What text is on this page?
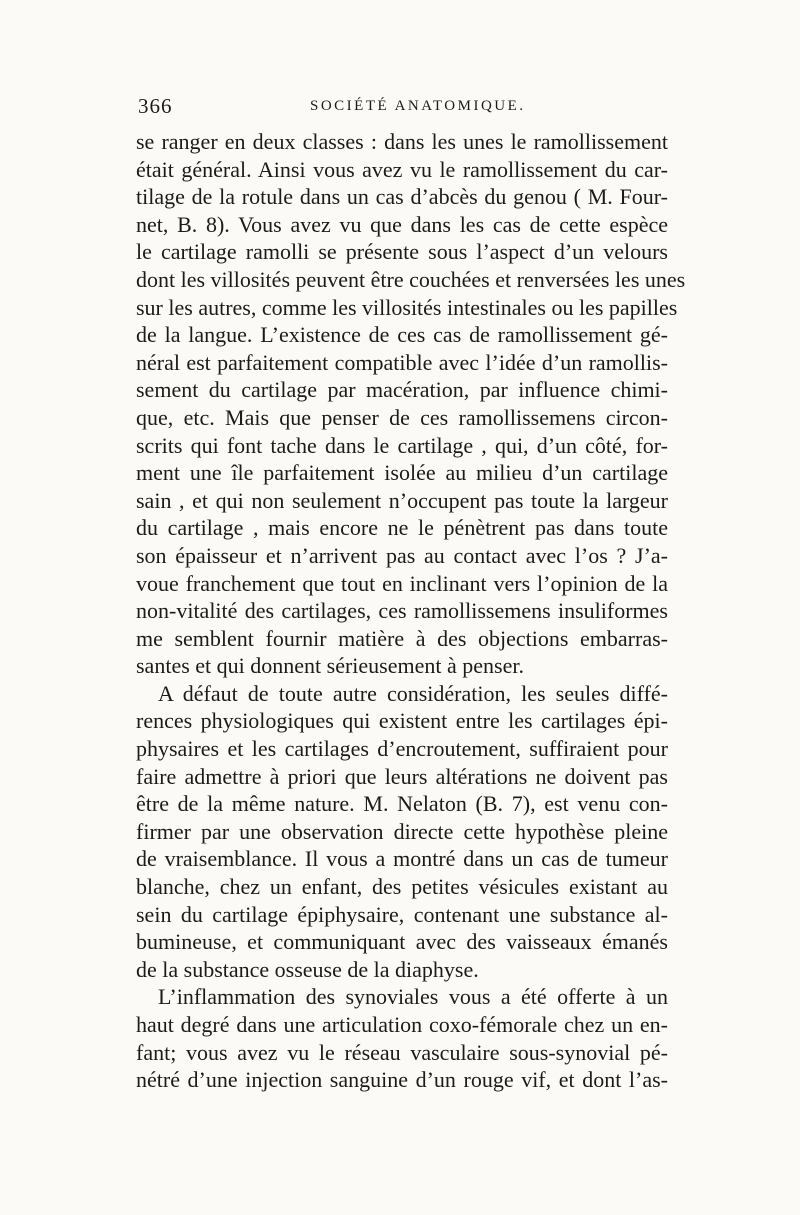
366	SOCIÉTÉ ANATOMIQUE.
se ranger en deux classes : dans les unes le ramollissement
était général. Ainsi vous avez vu le ramollissement du car-
tilage de la rotule dans un cas d’abcès du genou ( M. Four-
net, B. 8). Vous avez vu que dans les cas de cette espèce
le cartilage ramolli se présente sous l’aspect d’un velours
dont les villosités peuvent être couchées et renversées les unes
sur les autres, comme les villosités intestinales ou les papilles
de la langue. L’existence de ces cas de ramollissement gé-
néral est parfaitement compatible avec l’idée d’un ramollis-
sement du cartilage par macération, par influence chimi-
que, etc. Mais que penser de ces ramollissemens circon-
scrits qui font tache dans le cartilage , qui, d’un côté, for-
ment une île parfaitement isolée au milieu d’un cartilage
sain , et qui non seulement n’occupent pas toute la largeur
du cartilage , mais encore ne le pénètrent pas dans toute
son épaisseur et n’arrivent pas au contact avec l’os ? J’a-
voue franchement que tout en inclinant vers l’opinion de la
non-vitalité des cartilages, ces ramollissemens insuliformes
me semblent fournir matière à des objections embarras-
santes et qui donnent sérieusement à penser.
A défaut de toute autre considération, les seules diffé-
rences physiologiques qui existent entre les cartilages épi-
physaires et les cartilages d’encroutement, suffiraient pour
faire admettre à priori que leurs altérations ne doivent pas
être de la même nature. M. Nelaton (B. 7), est venu con-
firmer par une observation directe cette hypothèse pleine
de vraisemblance. Il vous a montré dans un cas de tumeur
blanche, chez un enfant, des petites vésicules existant au
sein du cartilage épiphysaire, contenant une substance al-
bumineuse, et communiquant avec des vaisseaux émanés
de la substance osseuse de la diaphyse.
L’inflammation des synoviales vous a été offerte à un
haut degré dans une articulation coxo-fémorale chez un en-
fant; vous avez vu le réseau vasculaire sous-synovial pé-
nétré d’une injection sanguine d’un rouge vif, et dont l’as-
